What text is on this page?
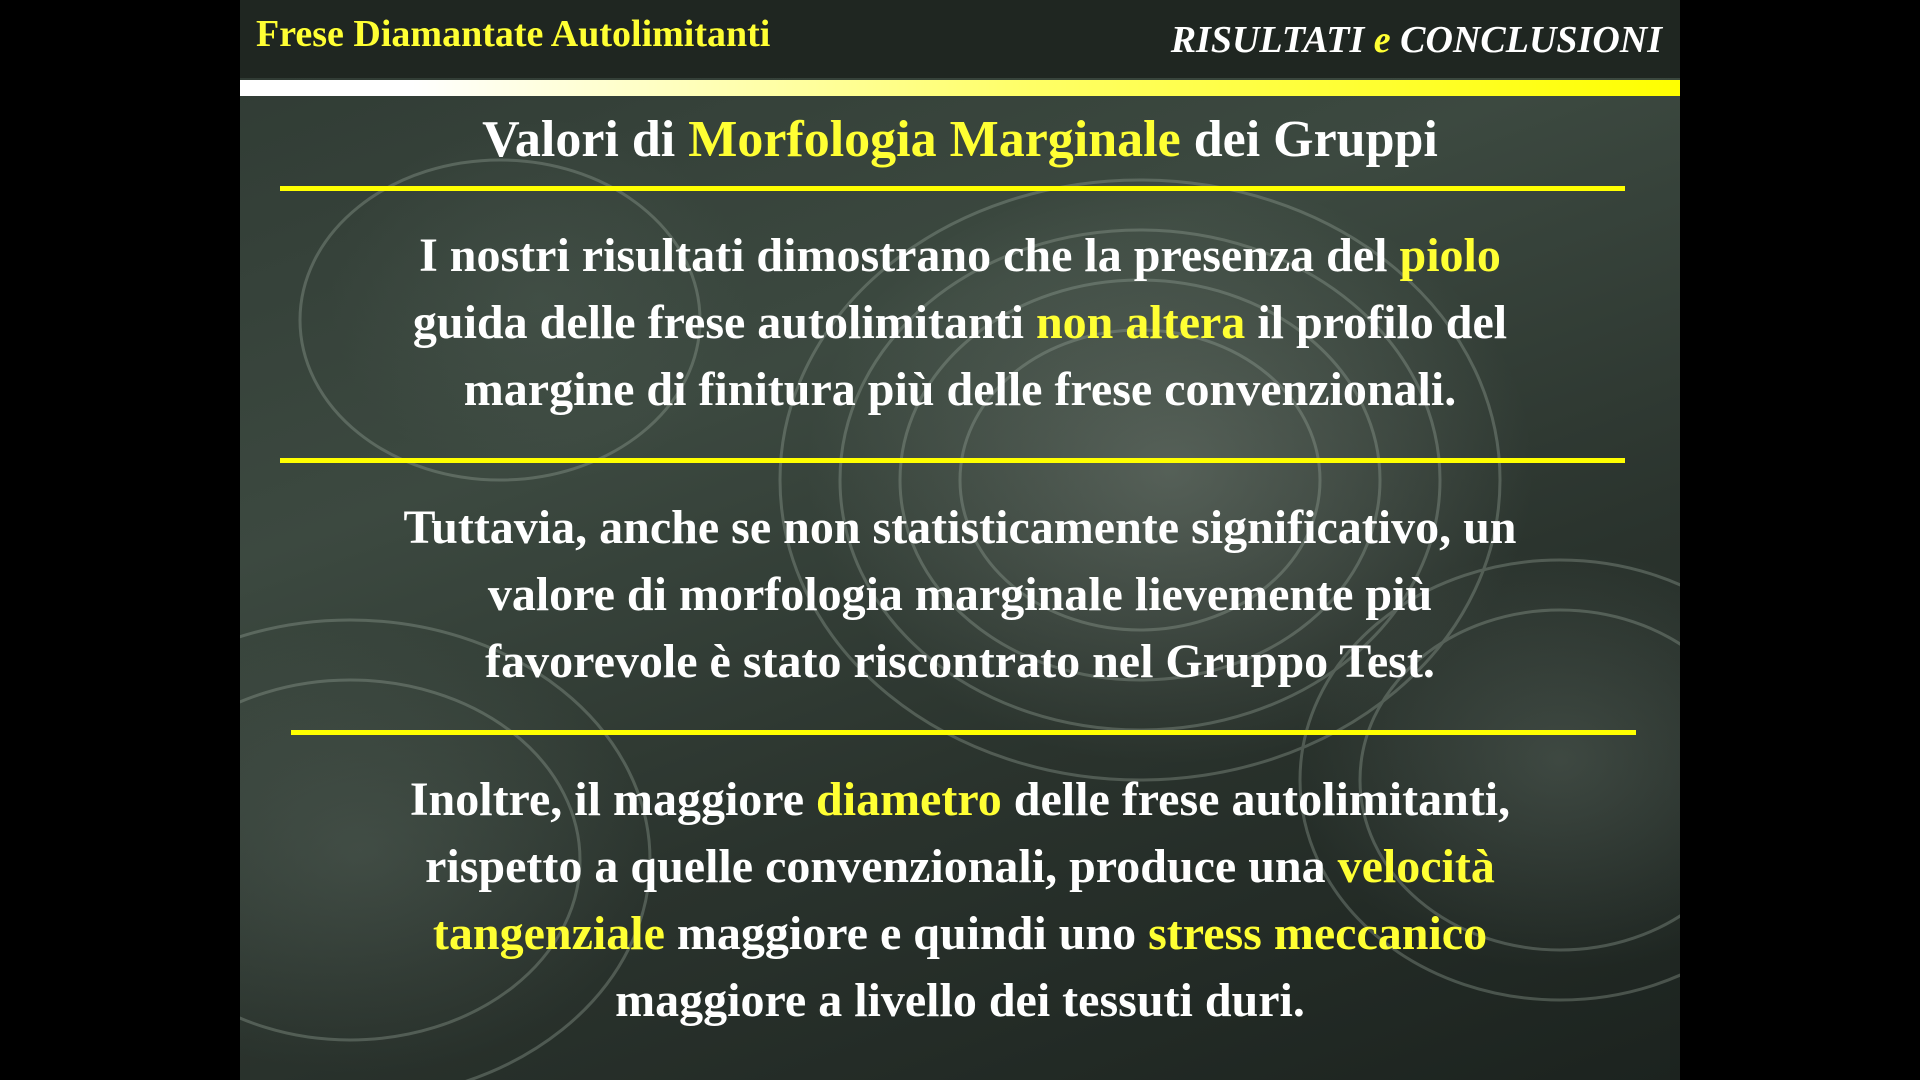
Frese Diamantate Autolimitanti	RISULTATI e CONCLUSIONI
Valori di Morfologia Marginale dei Gruppi
I nostri risultati dimostrano che la presenza del piolo
guida delle frese autolimitanti non altera il profilo del
margine di finitura più delle frese convenzionali.
Tuttavia, anche se non statisticamente significativo, un
valore di morfologia marginale lievemente più
favorevole è stato riscontrato nel Gruppo Test.
Inoltre, il maggiore diametro delle frese autolimitanti,
rispetto a quelle convenzionali, produce una velocità
tangenziale maggiore e quindi uno stress meccanico
maggiore a livello dei tessuti duri.
